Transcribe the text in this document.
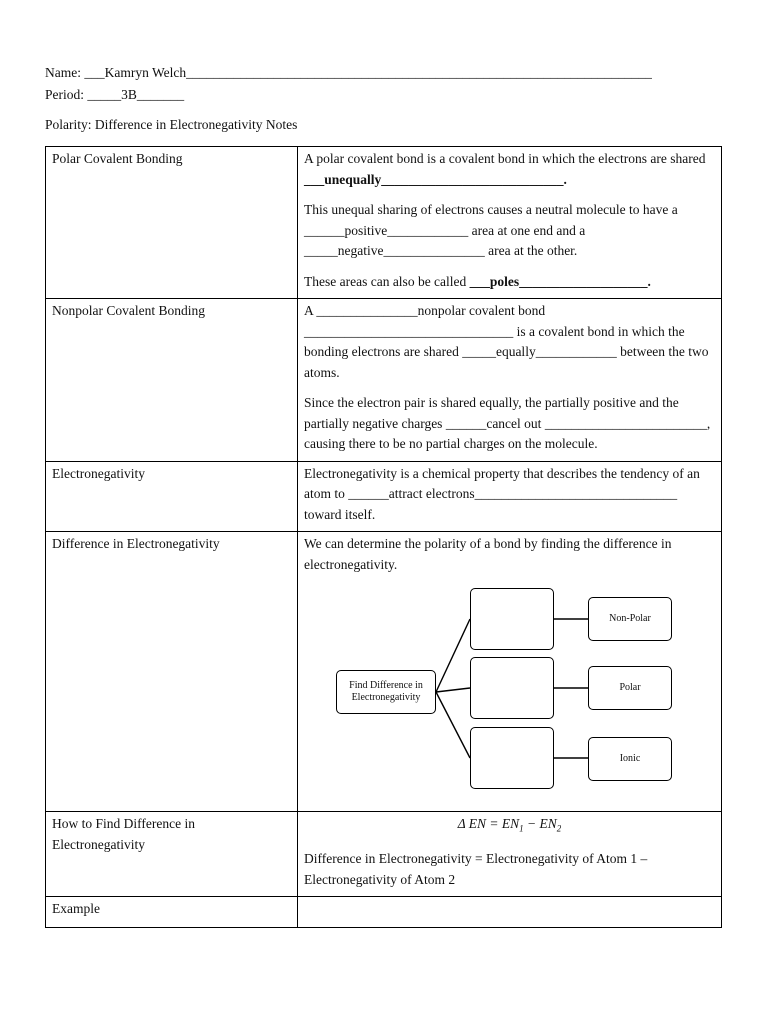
Name: ___Kamryn Welch_____________________________________________________________________
Period: _____3B_______
Polarity: Difference in Electronegativity Notes
Polar Covalent Bonding	A polar covalent bond is a covalent bond in which the electrons are shared ___unequally___________________________.

This unequal sharing of electrons causes a neutral molecule to have a ______positive____________ area at one end and a _____negative_______________ area at the other.

These areas can also be called ___poles___________________.

Nonpolar Covalent Bonding	A _______________nonpolar covalent bond _______________________________ is a covalent bond in which the bonding electrons are shared _____equally____________ between the two atoms.

Since the electron pair is shared equally, the partially positive and the partially negative charges ______cancel out ________________________, causing there to be no partial charges on the molecule.

Electronegativity	Electronegativity is a chemical property that describes the tendency of an atom to ______attract electrons______________________________ toward itself.

Difference in Electronegativity	We can determine the polarity of a bond by finding the difference in electronegativity.

Find Difference in Electronegativity
Non-Polar
Polar
Ionic

How to Find Difference in Electronegativity	Δ EN = $EN_1 - EN_2$

Difference in Electronegativity = Electronegativity of Atom 1 – Electronegativity of Atom 2

Example	
